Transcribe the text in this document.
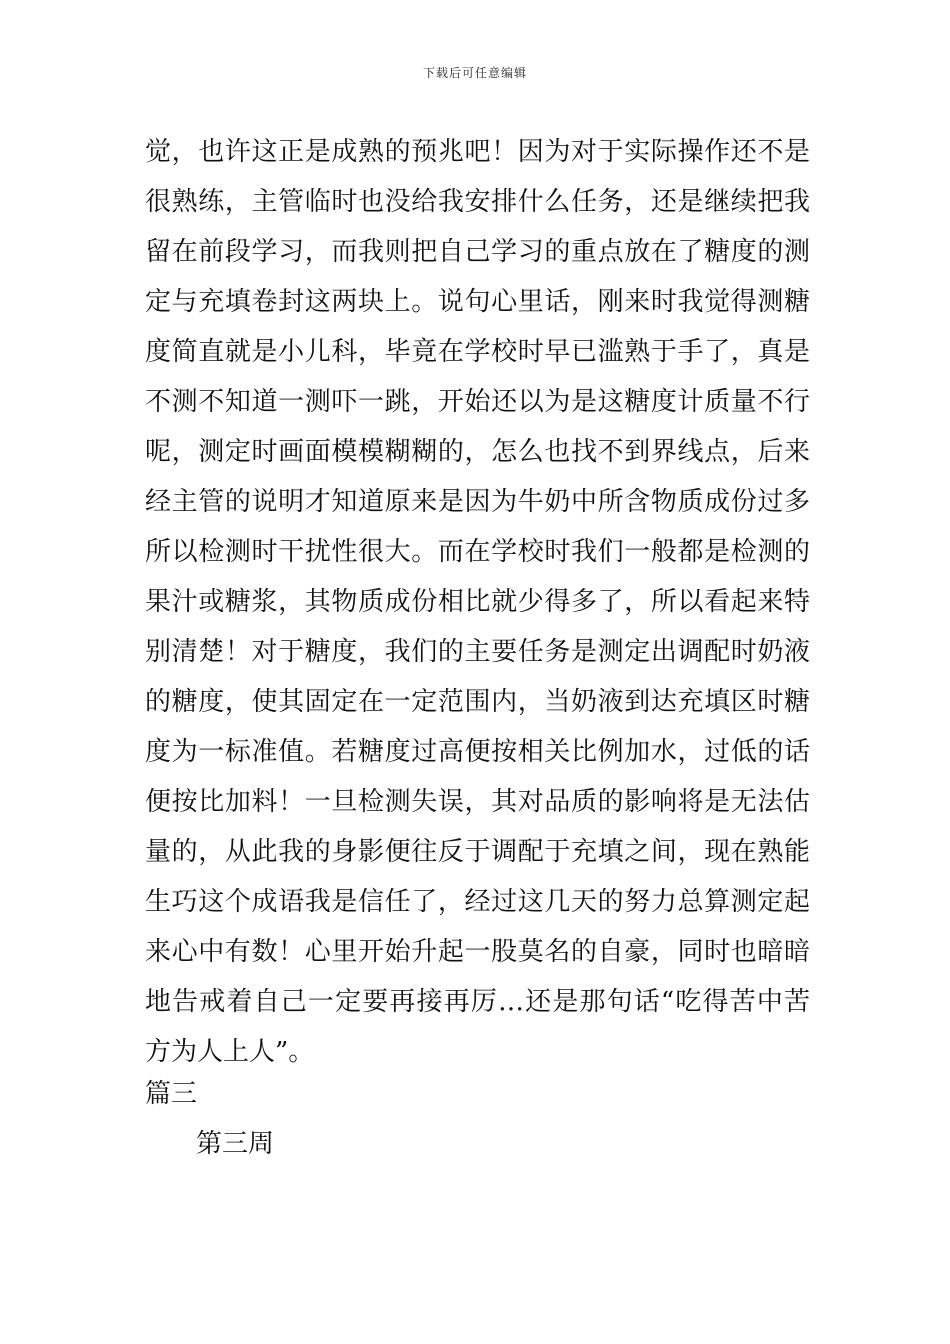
下载后可任意编辑
觉，也许这正是成熟的预兆吧！因为对于实际操作还不是
很熟练，主管临时也没给我安排什么任务，还是继续把我
留在前段学习，而我则把自己学习的重点放在了糖度的测
定与充填卷封这两块上。说句心里话，刚来时我觉得测糖
度简直就是小儿科，毕竟在学校时早已滥熟于手了，真是
不测不知道一测吓一跳，开始还以为是这糖度计质量不行
呢，测定时画面模模糊糊的，怎么也找不到界线点，后来
经主管的说明才知道原来是因为牛奶中所含物质成份过多
所以检测时干扰性很大。而在学校时我们一般都是检测的
果汁或糖浆，其物质成份相比就少得多了，所以看起来特
别清楚！对于糖度，我们的主要任务是测定出调配时奶液
的糖度，使其固定在一定范围内，当奶液到达充填区时糖
度为一标准值。若糖度过高便按相关比例加水，过低的话
便按比加料！一旦检测失误，其对品质的影响将是无法估
量的，从此我的身影便往反于调配于充填之间，现在熟能
生巧这个成语我是信任了，经过这几天的努力总算测定起
来心中有数！心里开始升起一股莫名的自豪，同时也暗暗
地告戒着自己一定要再接再厉…还是那句话“吃得苦中苦
方为人上人”。
篇三
第三周
